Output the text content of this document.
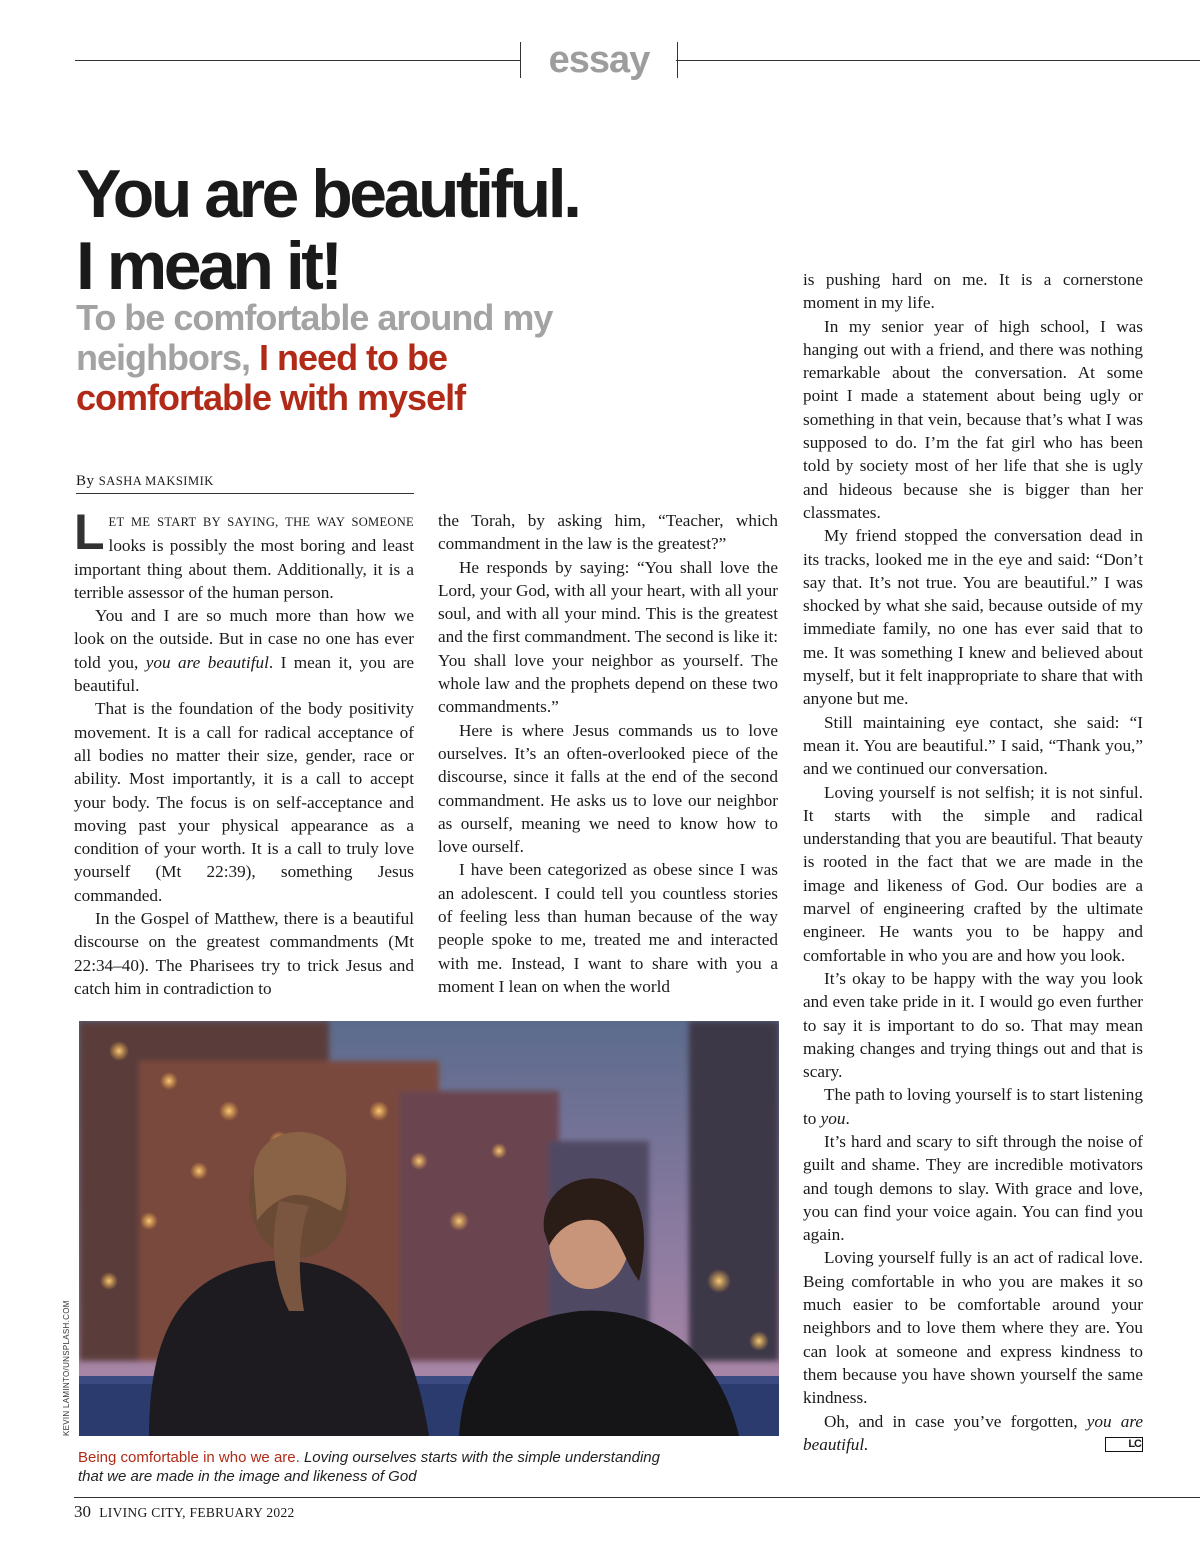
essay
You are beautiful.
I mean it!
To be comfortable around my neighbors, I need to be comfortable with myself
By SASHA MAKSIMIK

LET ME START BY SAYING, THE WAY SOMEONE looks is possibly the most boring and least important thing about them. Additionally, it is a terrible assessor of the human person.

You and I are so much more than how we look on the outside. But in case no one has ever told you, you are beautiful. I mean it, you are beautiful.

That is the foundation of the body positivity movement. It is a call for radical acceptance of all bodies no matter their size, gender, race or ability. Most importantly, it is a call to accept your body. The focus is on self-acceptance and moving past your physical appearance as a condition of your worth. It is a call to truly love yourself (Mt 22:39), something Jesus commanded.

In the Gospel of Matthew, there is a beautiful discourse on the greatest commandments (Mt 22:34–40). The Pharisees try to trick Jesus and catch him in contradiction to

the Torah, by asking him, “Teacher, which commandment in the law is the greatest?”

He responds by saying: “You shall love the Lord, your God, with all your heart, with all your soul, and with all your mind. This is the greatest and the first commandment. The second is like it: You shall love your neighbor as yourself. The whole law and the prophets depend on these two commandments.”

Here is where Jesus commands us to love ourselves. It’s an often-overlooked piece of the discourse, since it falls at the end of the second commandment. He asks us to love our neighbor as ourself, meaning we need to know how to love ourself.

I have been categorized as obese since I was an adolescent. I could tell you countless stories of feeling less than human because of the way people spoke to me, treated me and interacted with me. Instead, I want to share with you a moment I lean on when the world

is pushing hard on me. It is a cornerstone moment in my life.

In my senior year of high school, I was hanging out with a friend, and there was nothing remarkable about the conversation. At some point I made a statement about being ugly or something in that vein, because that’s what I was supposed to do. I’m the fat girl who has been told by society most of her life that she is ugly and hideous because she is bigger than her classmates.

My friend stopped the conversation dead in its tracks, looked me in the eye and said: “Don’t say that. It’s not true. You are beautiful.” I was shocked by what she said, because outside of my immediate family, no one has ever said that to me. It was something I knew and believed about myself, but it felt inappropriate to share that with anyone but me.

Still maintaining eye contact, she said: “I mean it. You are beautiful.” I said, “Thank you,” and we continued our conversation.

Loving yourself is not selfish; it is not sinful. It starts with the simple and radical understanding that you are beautiful. That beauty is rooted in the fact that we are made in the image and likeness of God. Our bodies are a marvel of engineering crafted by the ultimate engineer. He wants you to be happy and comfortable in who you are and how you look.

It’s okay to be happy with the way you look and even take pride in it. I would go even further to say it is important to do so. That may mean making changes and trying things out and that is scary.

The path to loving yourself is to start listening to you.

It’s hard and scary to sift through the noise of guilt and shame. They are incredible motivators and tough demons to slay. With grace and love, you can find your voice again. You can find you again.

Loving yourself fully is an act of radical love. Being comfortable in who you are makes it so much easier to be comfortable around your neighbors and to love them where they are. You can look at someone and express kindness to them because you have shown yourself the same kindness.

Oh, and in case you’ve forgotten, you are beautiful.	LC

KEVIN LAMINTO/UNSPLASH.COM
Being comfortable in who we are. Loving ourselves starts with the simple understanding that we are made in the image and likeness of God
30 LIVING CITY, FEBRUARY 2022
